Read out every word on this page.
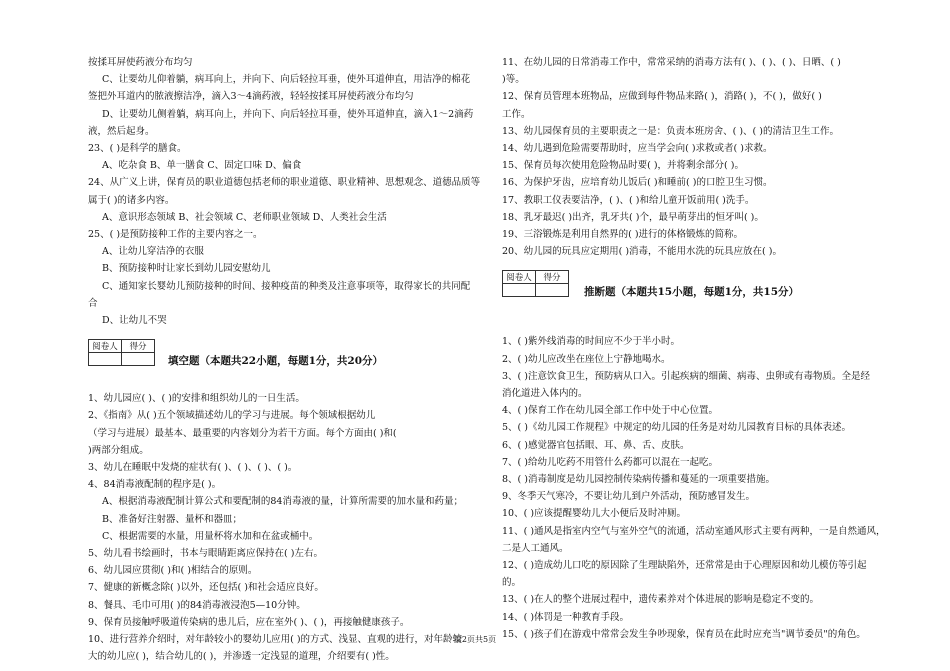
按揉耳屏使药液分布均匀
C、让要幼儿仰着躺，病耳向上，并向下、向后轻拉耳垂，使外耳道伸直，用洁净的棉花
签把外耳道内的脓液擦洁净，滴入3～4滴药液，轻轻按揉耳屏使药液分布均匀
D、让要幼儿侧着躺，病耳向上，并向下、向后轻拉耳垂，使外耳道伸直，滴入1～2滴药
液，然后起身。
23、( )是科学的膳食。
A、吃杂食 B、单一膳食 C、固定口味 D、偏食
24、从广义上讲，保育员的职业道德包括老师的职业道德、职业精神、思想观念、道德品质等
属于( )的诸多内容。
A、意识形态领域 B、社会领域 C、老师职业领域 D、人类社会生活
25、( )是预防接种工作的主要内容之一。
A、让幼儿穿洁净的衣服
B、预防接种时让家长到幼儿园安慰幼儿
C、通知家长婴幼儿预防接种的时间、接种疫苗的种类及注意事项等，取得家长的共同配
合
D、让幼儿不哭
阅卷人	得分

填空题（本题共22小题，每题1分，共20分）
1、幼儿园应( )、( )的安排和组织幼儿的一日生活。
2、《指南》从( )五个领域描述幼儿的学习与进展。每个领域根据幼儿
（学习与进展）最基本、最重要的内容划分为若干方面。每个方面由( )和(
)两部分组成。
3、幼儿在睡眠中发烧的症状有( )、( )、( )、( )。
4、84消毒液配制的程序是( )。
A、根据消毒液配制计算公式和要配制的84消毒液的量，计算所需要的加水量和药量；
B、准备好注射器、量杯和器皿；
C、根据需要的水量，用量杯将水加和在盆或桶中。
5、幼儿看书绘画时，书本与眼睛距离应保持在( )左右。
6、幼儿园应贯彻( )和( )相结合的原则。
7、健康的新概念除( )以外，还包括( )和社会适应良好。
8、餐具、毛巾可用( )的84消毒液浸泡5—10分钟。
9、保育员接触呼吸道传染病的患儿后，应在室外( )、( )，再接触健康孩子。
10、进行营养介绍时，对年龄较小的婴幼儿应用( )的方式、浅显、直观的进行，对年龄较
大的幼儿应( )，结合幼儿的( )，并渗透一定浅显的道理，介绍要有( )性。
11、在幼儿园的日常消毒工作中，常常采纳的消毒方法有( )、( )、( )、日晒、( )
)等。
12、保育员管理本班物品，应做到每件物品来路( )，消路( )，不( )，做好( )
工作。
13、幼儿园保育员的主要职责之一是：负责本班房舍、( )、( )的清洁卫生工作。
14、幼儿遇到危险需要帮助时，应当学会向( )求救或者( )求救。
15、保育员每次使用危险物品时要( )，并将剩余部分( )。
16、为保护牙齿，应培育幼儿饭后( )和睡前( )的口腔卫生习惯。
17、教职工仪表要洁净，( )、( )和给儿童开饭前用( )洗手。
18、乳牙最迟( )出齐，乳牙共( )个，最早萌芽出的恒牙叫( )。
19、三浴锻炼是利用自然界的( )进行的体格锻炼的简称。
20、幼儿园的玩具应定期用( )消毒，不能用水洗的玩具应放在( )。
阅卷人	得分

推断题（本题共15小题，每题1分，共15分）
1、( )紫外线消毒的时间应不少于半小时。
2、( )幼儿应改坐在座位上宁静地喝水。
3、( )注意饮食卫生，预防病从口入。引起疾病的细菌、病毒、虫卵或有毒物质。全是经
消化道进入体内的。
4、( )保育工作在幼儿园全部工作中处于中心位置。
5、( )《幼儿园工作规程》中规定的幼儿园的任务是对幼儿园教育目标的具体表述。
6、( )感觉器官包括眼、耳、鼻、舌、皮肤。
7、( )给幼儿吃药不用管什么药都可以混在一起吃。
8、( )消毒制度是幼儿园控制传染病传播和蔓延的一项重要措施。
9、冬季天气寒冷，不要让幼儿到户外活动，预防感冒发生。
10、( )应该提醒婴幼儿大小便后及时冲厕。
11、( )通风是指室内空气与室外空气的流通，活动室通风形式主要有两种，一是自然通风，
二是人工通风。
12、( )造成幼儿口吃的原因除了生理缺陷外，还常常是由于心理原因和幼儿模仿等引起
的。
13、( )在人的整个进展过程中，遗传素养对个体进展的影响是稳定不变的。
14、( )体罚是一种教育手段。
15、( )孩子们在游戏中常常会发生争吵现象，保育员在此时应充当"调节委员"的角色。
第2页共5页
